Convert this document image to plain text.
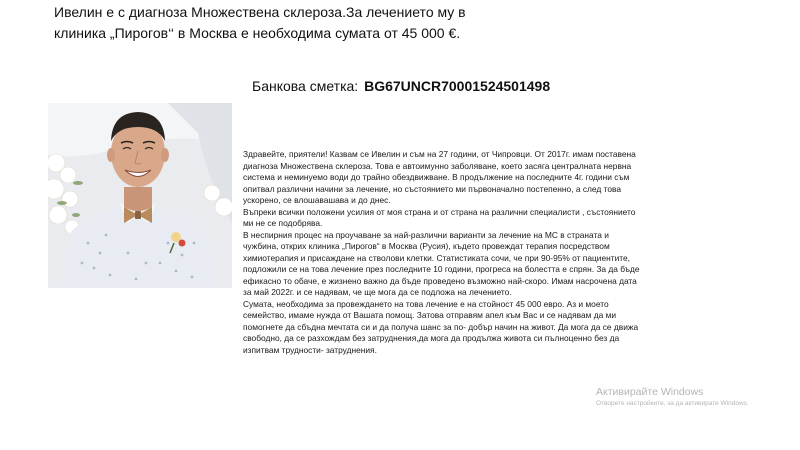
Ивелин е с диагноза Множествена склероза.За лечението му в клиника „Пирогов‘‘ в Москва е необходима сумата от 45 000 €.
Банкова сметка: BG67UNCR70001524501498

Здравейте, приятели! Казвам се Ивелин и съм на 27 години, от Чипровци. От 2017г. имам поставена диагноза Множествена склероза. Това е автоимунно заболяване, което засяга централната нервна система и неминуемо води до трайно обездвижване. В продължение на последните 4г. години съм опитвал различни начини за лечение, но състоянието ми първоначално постепенно, а след това ускорено, се влошавашава и до днес.

Въпреки всички положени усилия от моя страна и от страна на различни специалисти , състоянието ми не се подобрява.

В неспирния процес на проучаване за най-различни варианти за лечение на МС в страната и чужбина, открих клиника „Пирогов“ в Москва (Русия), където провеждат терапия посредством химиотерапия и присаждане на стволови клетки. Статистиката сочи, че при 90-95% от пациентите, подложили се на това лечение през последните 10 години, прогреса на болестта е спрян. За да бъде ефикасно то обаче, е жизнено важно да бъде проведено възможно най-скоро. Имам насрочена дата за май 2022г. и се надявам, че ще мога да се подложа на лечението.

Сумата, необходима за провеждането на това лечение е на стойност 45 000 евро. Аз и моето семейство, имаме нужда от Вашата помощ. Затова отправям апел към Вас и се надявам да ми помогнете да сбъдна мечтата си и да получа шанс за по- добър начин на живот. Да мога да се движа свободно, да се разхождам без затруднения,да мога да продължа живота си пълноценно без да изпитвам трудности- затруднения.

Активирайте Windows
Отворете настройките, за да активирате Windows.
